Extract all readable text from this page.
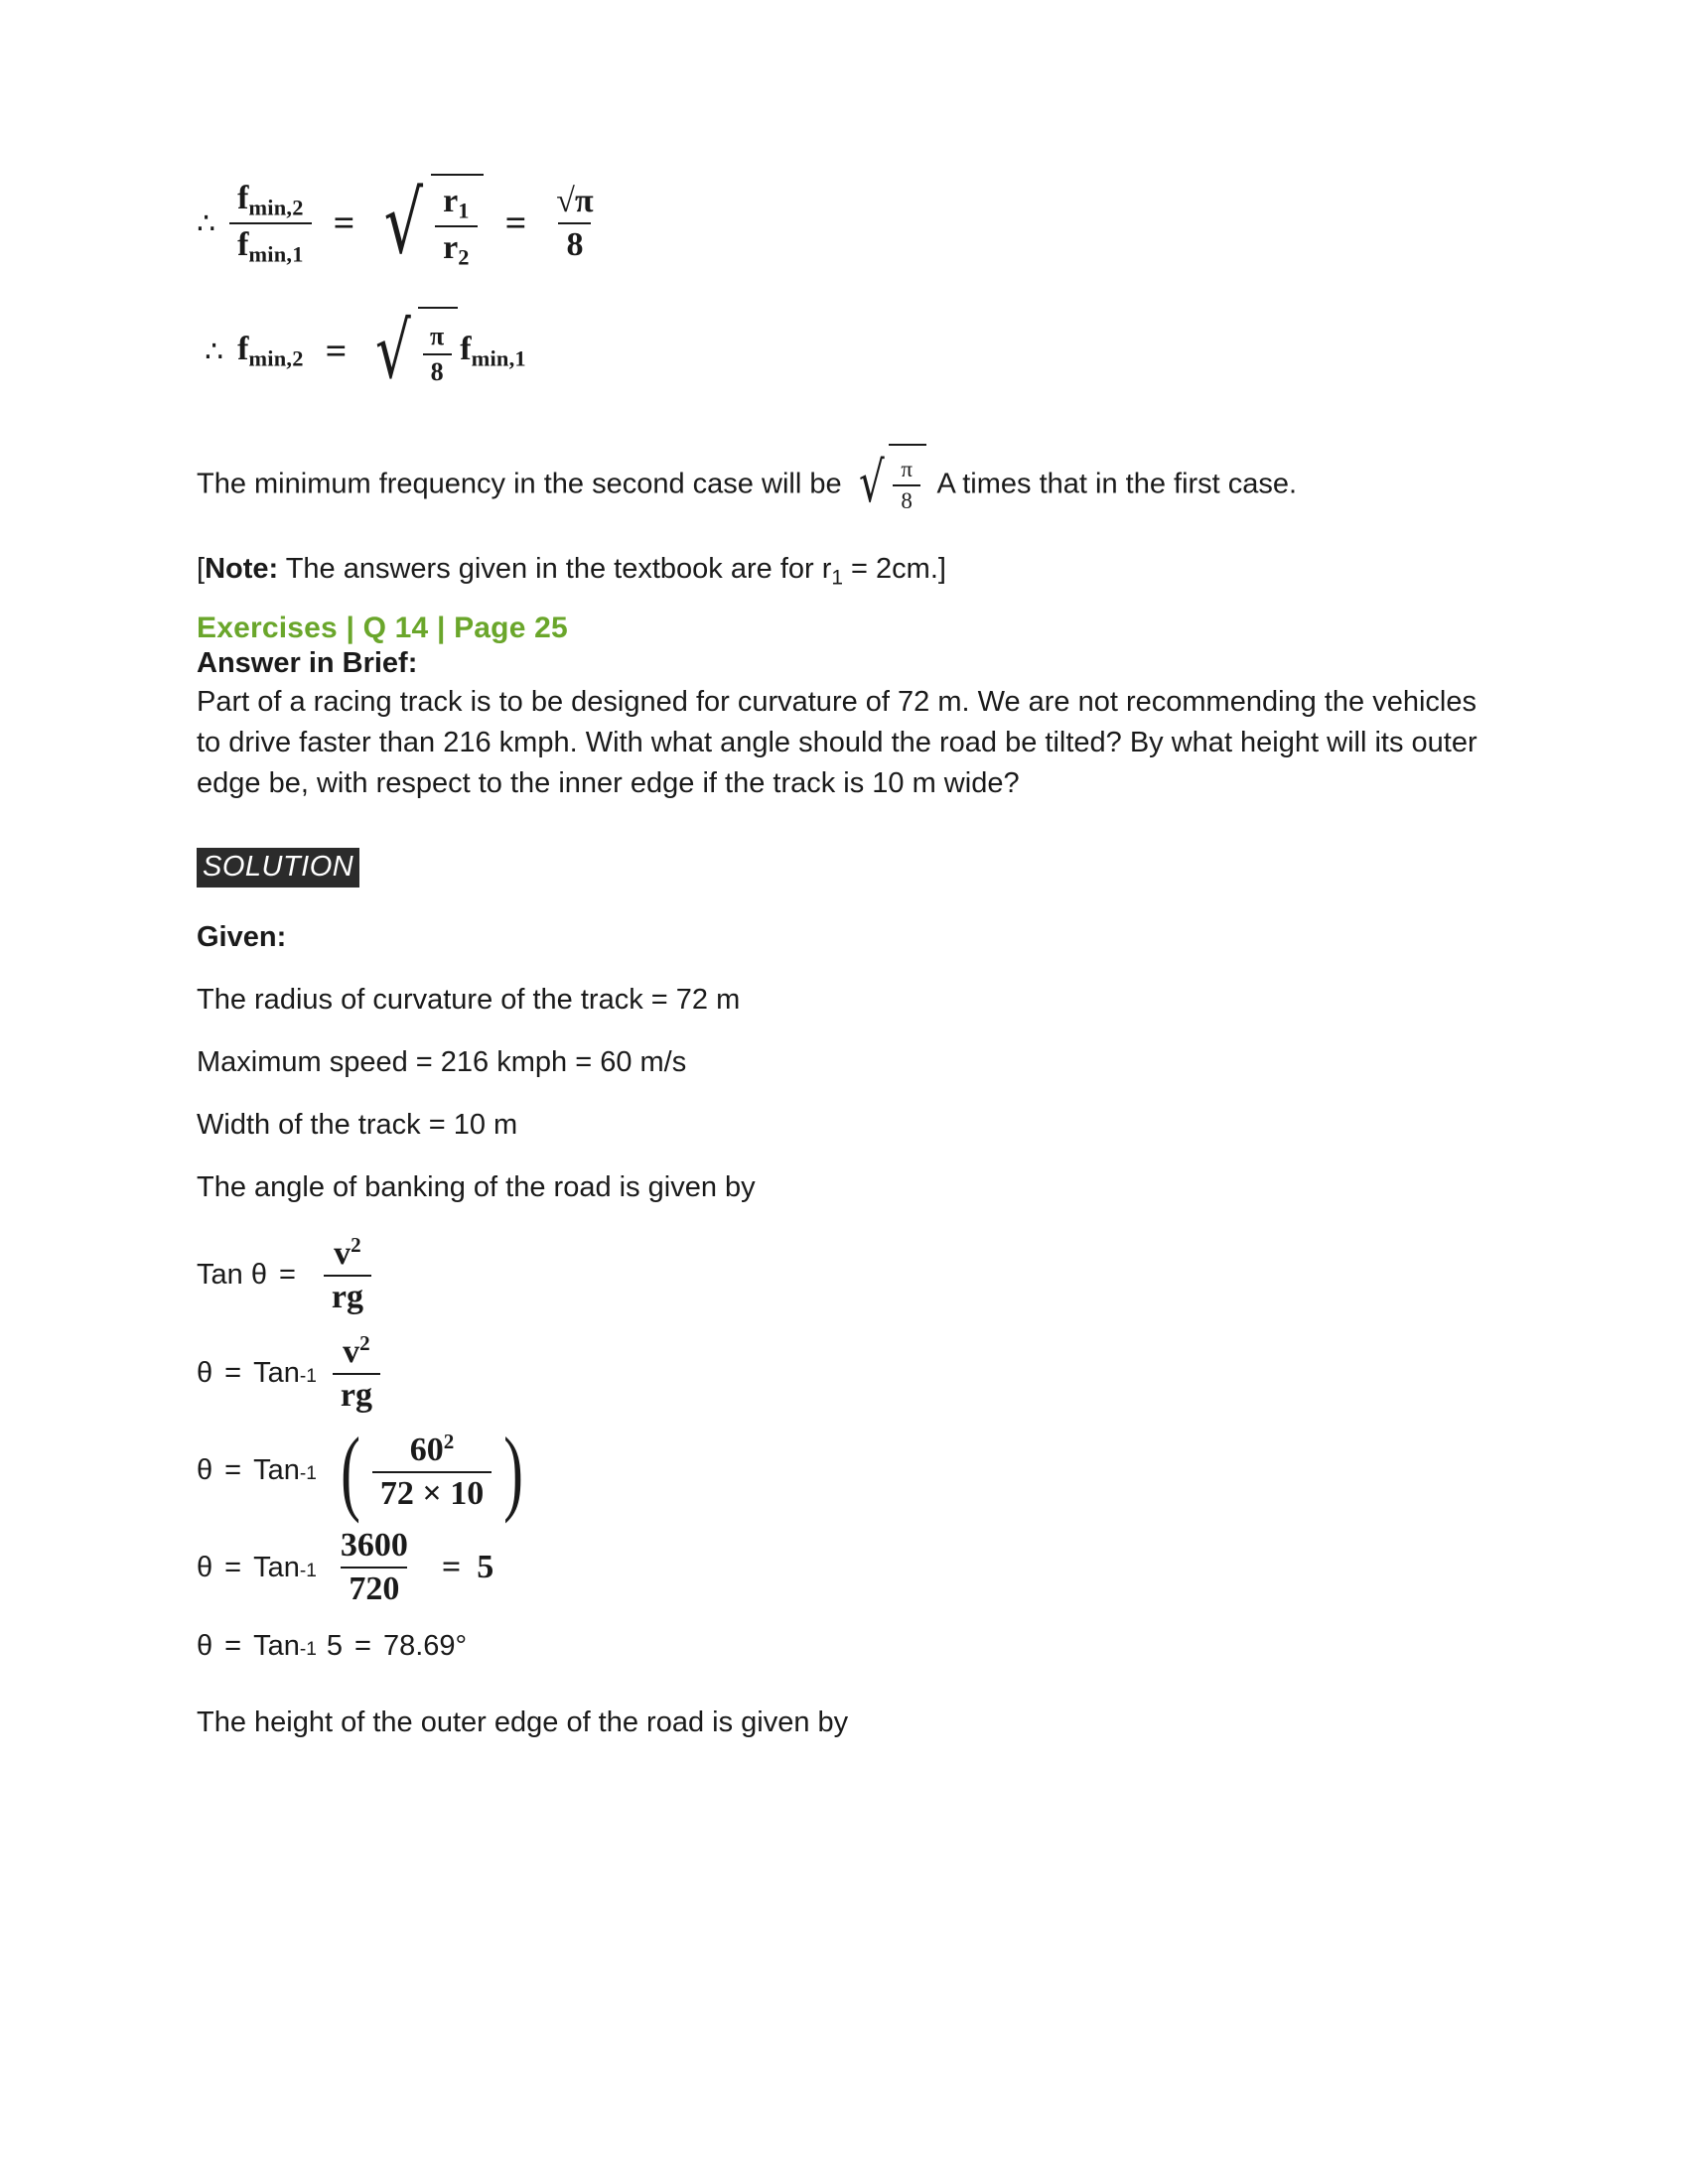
∴ $\frac{f_{min,2}}{f_{min,1}}$ = √ $\frac{r_1}{r_2} = \frac{√\pi}{8}$
∴ $f_{min,2}$ = √ $\frac{\pi}{8} f_{min,1}$

The minimum frequency in the second case will be √ $\frac{\pi}{8}$ A times that in the first case.

[Note: The answers given in the textbook are for $r_1 = 2cm$.]

Exercises | Q 14 | Page 25
Answer in Brief:

Part of a racing track is to be designed for curvature of 72 m. We are not recommending the vehicles to drive faster than 216 kmph. With what angle should the road be tilted? By what height will its outer edge be, with respect to the inner edge if the track is 10 m wide?

SOLUTION
Given:
The radius of curvature of the track = 72 m
Maximum speed = 216 kmph = 60 m/s
Width of the track = 10 m
The angle of banking of the road is given by
Tan $\theta = \frac{v^2}{rg}$
θ = Tan $-1 \frac{v^2}{rg}$
θ = Tan -1 ( $\frac{60^2}{72 \times 10}$ )
θ = Tan $-1 \frac{3600}{720} = 5$
θ = Tan -1 5 = 78.69°

The height of the outer edge of the road is given by
